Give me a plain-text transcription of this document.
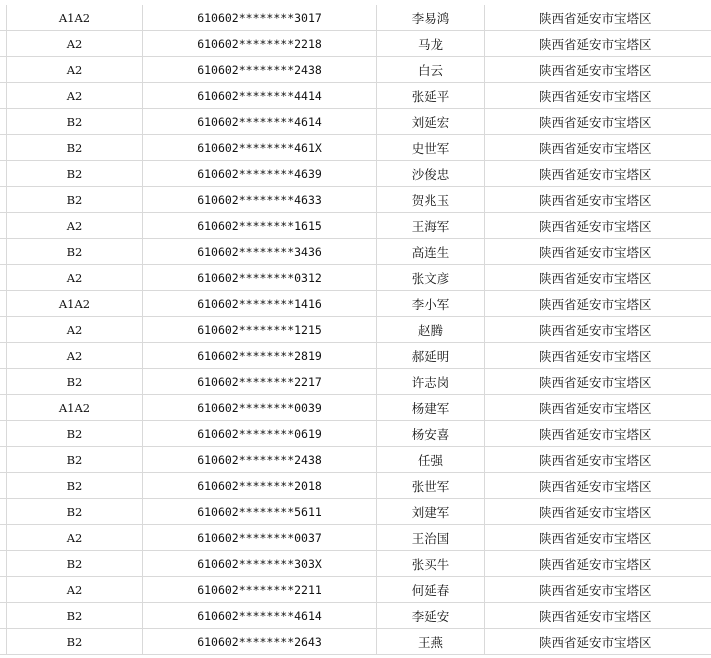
	A1A2	610602********3017	李易鸿	陕西省延安市宝塔区
	A2	610602********2218	马龙	陕西省延安市宝塔区
	A2	610602********2438	白云	陕西省延安市宝塔区
	A2	610602********4414	张延平	陕西省延安市宝塔区
	B2	610602********4614	刘延宏	陕西省延安市宝塔区
	B2	610602********461X	史世军	陕西省延安市宝塔区
	B2	610602********4639	沙俊忠	陕西省延安市宝塔区
	B2	610602********4633	贺兆玉	陕西省延安市宝塔区
	A2	610602********1615	王海军	陕西省延安市宝塔区
	B2	610602********3436	高连生	陕西省延安市宝塔区
	A2	610602********0312	张文彦	陕西省延安市宝塔区
	A1A2	610602********1416	李小军	陕西省延安市宝塔区
	A2	610602********1215	赵腾	陕西省延安市宝塔区
	A2	610602********2819	郝延明	陕西省延安市宝塔区
	B2	610602********2217	许志岗	陕西省延安市宝塔区
	A1A2	610602********0039	杨建军	陕西省延安市宝塔区
	B2	610602********0619	杨安喜	陕西省延安市宝塔区
	B2	610602********2438	任强	陕西省延安市宝塔区
	B2	610602********2018	张世军	陕西省延安市宝塔区
	B2	610602********5611	刘建军	陕西省延安市宝塔区
	A2	610602********0037	王治国	陕西省延安市宝塔区
	B2	610602********303X	张买牛	陕西省延安市宝塔区
	A2	610602********2211	何延春	陕西省延安市宝塔区
	B2	610602********4614	李延安	陕西省延安市宝塔区
	B2	610602********2643	王燕	陕西省延安市宝塔区
